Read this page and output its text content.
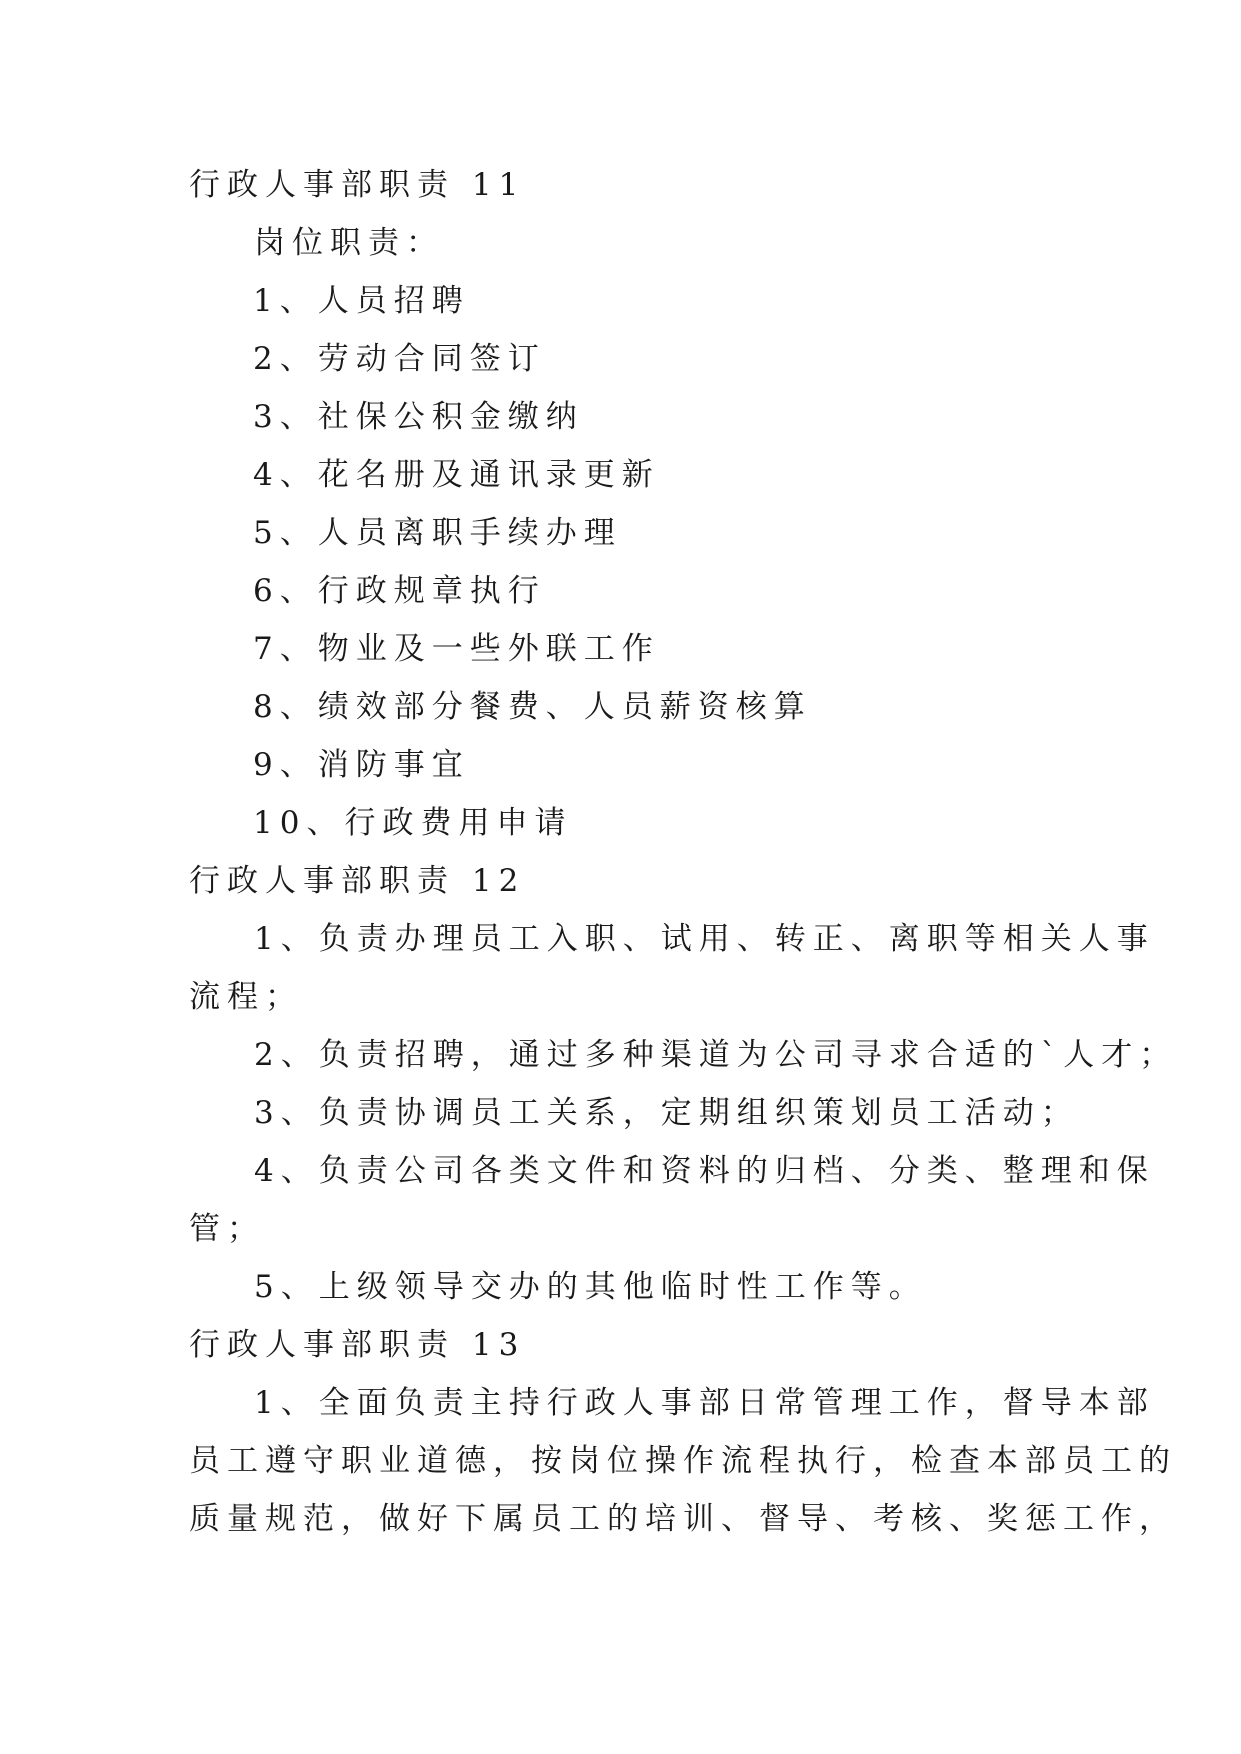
行政人事部职责 11
岗位职责：
1、人员招聘
2、劳动合同签订
3、社保公积金缴纳
4、花名册及通讯录更新
5、人员离职手续办理
6、行政规章执行
7、物业及一些外联工作
8、绩效部分餐费、人员薪资核算
9、消防事宜
10、行政费用申请
行政人事部职责 12
1、负责办理员工入职、试用、转正、离职等相关人事
流程；
2、负责招聘，通过多种渠道为公司寻求合适的`人才；
3、负责协调员工关系，定期组织策划员工活动；
4、负责公司各类文件和资料的归档、分类、整理和保
管；
5、上级领导交办的其他临时性工作等。
行政人事部职责 13
1、全面负责主持行政人事部日常管理工作，督导本部
员工遵守职业道德，按岗位操作流程执行，检查本部员工的
质量规范，做好下属员工的培训、督导、考核、奖惩工作，
